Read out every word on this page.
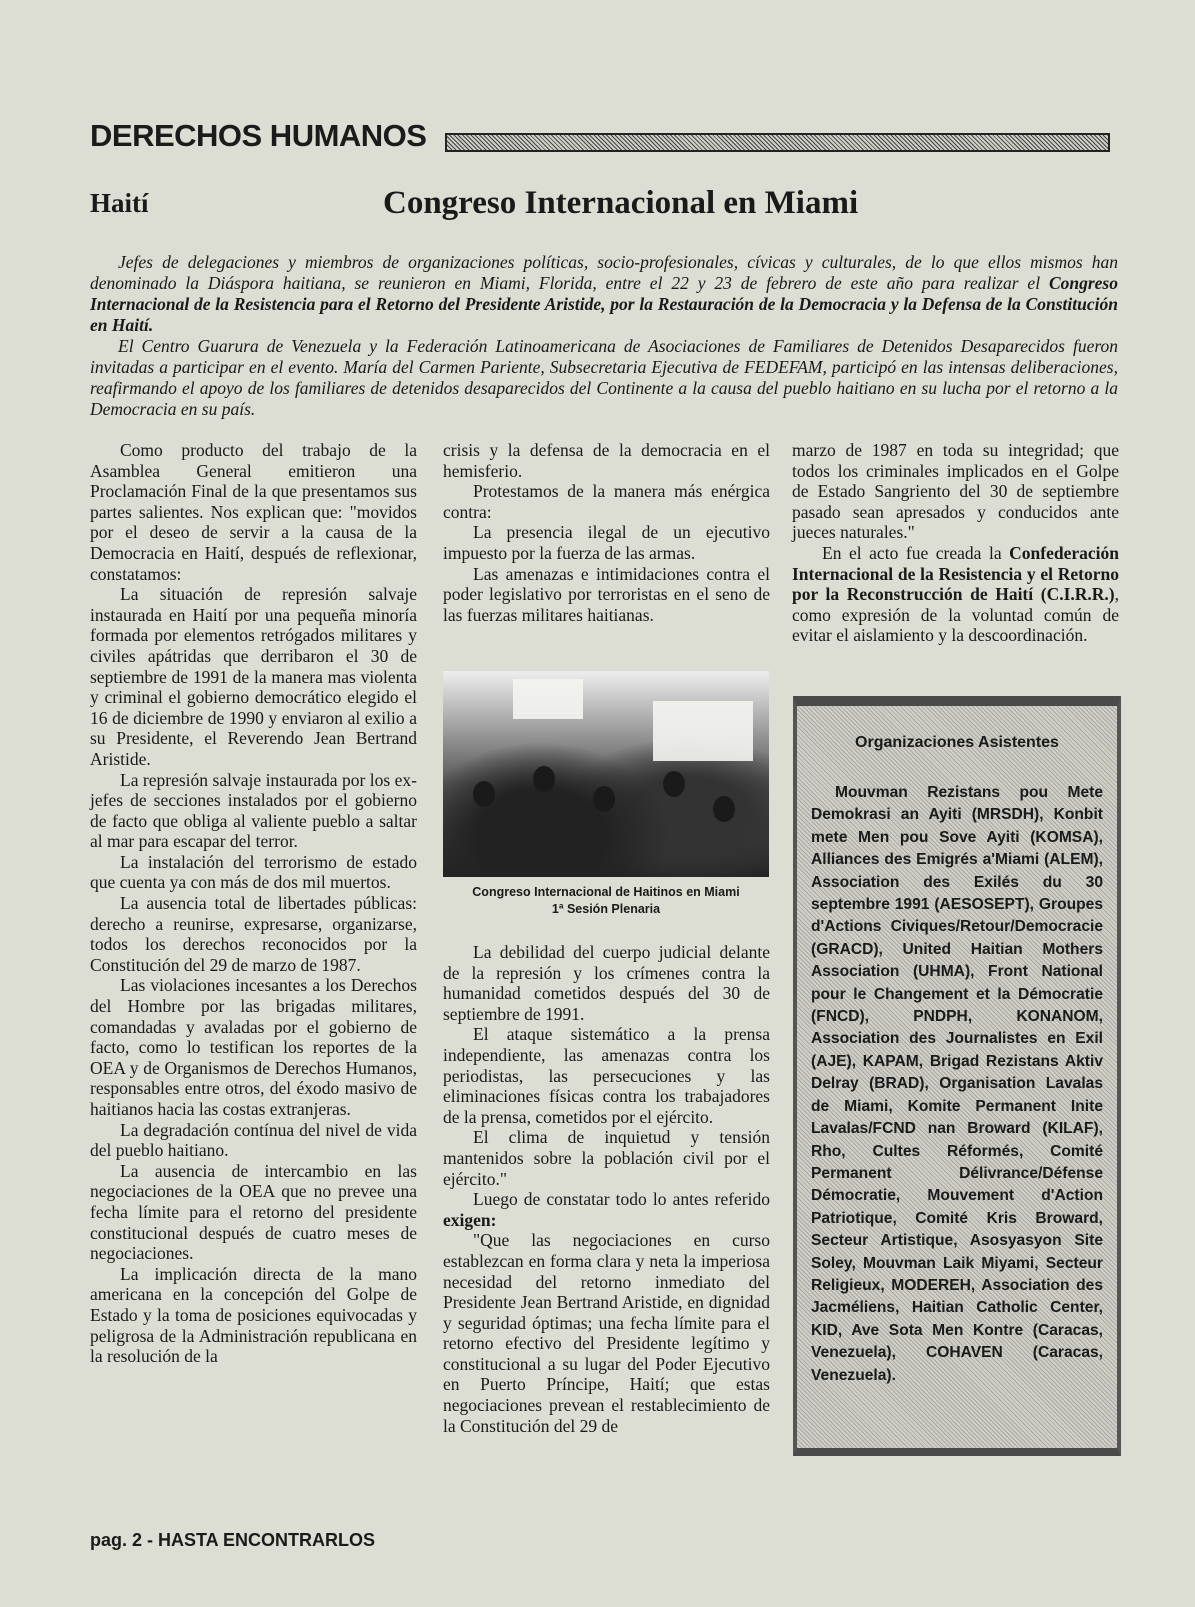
DERECHOS HUMANOS
Haití	Congreso Internacional en Miami

Jefes de delegaciones y miembros de organizaciones políticas, socio-profesionales, cívicas y culturales, de lo que ellos mismos han denominado la Diáspora haitiana, se reunieron en Miami, Florida, entre el 22 y 23 de febrero de este año para realizar el Congreso Internacional de la Resistencia para el Retorno del Presidente Aristide, por la Restauración de la Democracia y la Defensa de la Constitución en Haití.

El Centro Guarura de Venezuela y la Federación Latinoamericana de Asociaciones de Familiares de Detenidos Desaparecidos fueron invitadas a participar en el evento. María del Carmen Pariente, Subsecretaria Ejecutiva de FEDEFAM, participó en las intensas deliberaciones, reafirmando el apoyo de los familiares de detenidos desaparecidos del Continente a la causa del pueblo haitiano en su lucha por el retorno a la Democracia en su país.

Como producto del trabajo de la Asamblea General emitieron una Proclamación Final de la que presentamos sus partes salientes. Nos explican que: "movidos por el deseo de servir a la causa de la Democracia en Haití, después de reflexionar, constatamos:

La situación de represión salvaje instaurada en Haití por una pequeña minoría formada por elementos retrógados militares y civiles apátridas que derribaron el 30 de septiembre de 1991 de la manera mas violenta y criminal el gobierno democrático elegido el 16 de diciembre de 1990 y enviaron al exilio a su Presidente, el Reverendo Jean Bertrand Aristide.

La represión salvaje instaurada por los ex-jefes de secciones instalados por el gobierno de facto que obliga al valiente pueblo a saltar al mar para escapar del terror.

La instalación del terrorismo de estado que cuenta ya con más de dos mil muertos.

La ausencia total de libertades públicas: derecho a reunirse, expresarse, organizarse, todos los derechos reconocidos por la Constitución del 29 de marzo de 1987.

Las violaciones incesantes a los Derechos del Hombre por las brigadas militares, comandadas y avaladas por el gobierno de facto, como lo testifican los reportes de la OEA y de Organismos de Derechos Humanos, responsables entre otros, del éxodo masivo de haitianos hacia las costas extranjeras.

La degradación contínua del nivel de vida del pueblo haitiano.

La ausencia de intercambio en las negociaciones de la OEA que no prevee una fecha límite para el retorno del presidente constitucional después de cuatro meses de negociaciones.

La implicación directa de la mano americana en la concepción del Golpe de Estado y la toma de posiciones equivocadas y peligrosa de la Administración republicana en la resolución de la

crisis y la defensa de la democracia en el hemisferio.

Protestamos de la manera más enérgica contra:

La presencia ilegal de un ejecutivo impuesto por la fuerza de las armas.

Las amenazas e intimidaciones contra el poder legislativo por terroristas en el seno de las fuerzas militares haitianas.

Congreso Internacional de Haitinos en Miami
1ª Sesión Plenaria

La debilidad del cuerpo judicial delante de la represión y los crímenes contra la humanidad cometidos después del 30 de septiembre de 1991.

El ataque sistemático a la prensa independiente, las amenazas contra los periodistas, las persecuciones y las eliminaciones físicas contra los trabajadores de la prensa, cometidos por el ejército.

El clima de inquietud y tensión mantenidos sobre la población civil por el ejército."

Luego de constatar todo lo antes referido exigen:

"Que las negociaciones en curso establezcan en forma clara y neta la imperiosa necesidad del retorno inmediato del Presidente Jean Bertrand Aristide, en dignidad y seguridad óptimas; una fecha límite para el retorno efectivo del Presidente legítimo y constitucional a su lugar del Poder Ejecutivo en Puerto Príncipe, Haití; que estas negociaciones prevean el restablecimiento de la Constitución del 29 de

marzo de 1987 en toda su integridad; que todos los criminales implicados en el Golpe de Estado Sangriento del 30 de septiembre pasado sean apresados y conducidos ante jueces naturales."

En el acto fue creada la Confederación Internacional de la Resistencia y el Retorno por la Reconstrucción de Haití (C.I.R.R.), como expresión de la voluntad común de evitar el aislamiento y la descoordinación.

Organizaciones Asistentes
Mouvman Rezistans pou Mete Demokrasi an Ayiti (MRSDH), Konbit mete Men pou Sove Ayiti (KOMSA), Alliances des Emigrés a'Miami (ALEM), Association des Exilés du 30 septembre 1991 (AESOSEPT), Groupes d'Actions Civiques/Retour/Democracie (GRACD), United Haitian Mothers Association (UHMA), Front National pour le Changement et la Démocratie (FNCD), PNDPH, KONANOM, Association des Journalistes en Exil (AJE), KAPAM, Brigad Rezistans Aktiv Delray (BRAD), Organisation Lavalas de Miami, Komite Permanent Inite Lavalas/FCND nan Broward (KILAF), Rho, Cultes Réformés, Comité Permanent Délivrance/Défense Démocratie, Mouvement d'Action Patriotique, Comité Kris Broward, Secteur Artistique, Asosyasyon Site Soley, Mouvman Laik Miyami, Secteur Religieux, MODEREH, Association des Jacméliens, Haitian Catholic Center, KID, Ave Sota Men Kontre (Caracas, Venezuela), COHAVEN (Caracas, Venezuela).
pag. 2 - HASTA ENCONTRARLOS
